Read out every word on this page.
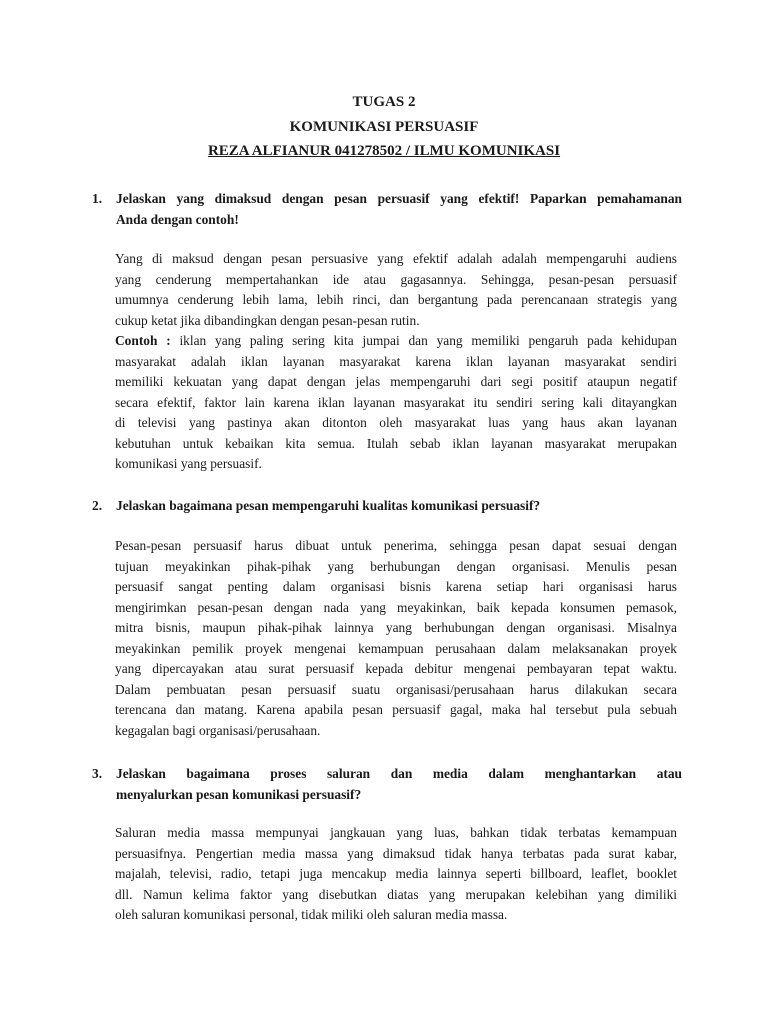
TUGAS 2
KOMUNIKASI PERSUASIF
REZA ALFIANUR 041278502 / ILMU KOMUNIKASI
1. Jelaskan yang dimaksud dengan pesan persuasif yang efektif! Paparkan pemahamanan
Anda dengan contoh!
Yang di maksud dengan pesan persuasive yang efektif adalah adalah mempengaruhi audiens
yang cenderung mempertahankan ide atau gagasannya. Sehingga, pesan-pesan persuasif
umumnya cenderung lebih lama, lebih rinci, dan bergantung pada perencanaan strategis yang
cukup ketat jika dibandingkan dengan pesan-pesan rutin.
Contoh : iklan yang paling sering kita jumpai dan yang memiliki pengaruh pada kehidupan
masyarakat adalah iklan layanan masyarakat karena iklan layanan masyarakat sendiri
memiliki kekuatan yang dapat dengan jelas mempengaruhi dari segi positif ataupun negatif
secara efektif, faktor lain karena iklan layanan masyarakat itu sendiri sering kali ditayangkan
di televisi yang pastinya akan ditonton oleh masyarakat luas yang haus akan layanan
kebutuhan untuk kebaikan kita semua. Itulah sebab iklan layanan masyarakat merupakan
komunikasi yang persuasif.
2. Jelaskan bagaimana pesan mempengaruhi kualitas komunikasi persuasif?
Pesan-pesan persuasif harus dibuat untuk penerima, sehingga pesan dapat sesuai dengan
tujuan meyakinkan pihak-pihak yang berhubungan dengan organisasi. Menulis pesan
persuasif sangat penting dalam organisasi bisnis karena setiap hari organisasi harus
mengirimkan pesan-pesan dengan nada yang meyakinkan, baik kepada konsumen pemasok,
mitra bisnis, maupun pihak-pihak lainnya yang berhubungan dengan organisasi. Misalnya
meyakinkan pemilik proyek mengenai kemampuan perusahaan dalam melaksanakan proyek
yang dipercayakan atau surat persuasif kepada debitur mengenai pembayaran tepat waktu.
Dalam pembuatan pesan persuasif suatu organisasi/perusahaan harus dilakukan secara
terencana dan matang. Karena apabila pesan persuasif gagal, maka hal tersebut pula sebuah
kegagalan bagi organisasi/perusahaan.
3. Jelaskan bagaimana proses saluran dan media dalam menghantarkan atau
menyalurkan pesan komunikasi persuasif?
Saluran media massa mempunyai jangkauan yang luas, bahkan tidak terbatas kemampuan
persuasifnya. Pengertian media massa yang dimaksud tidak hanya terbatas pada surat kabar,
majalah, televisi, radio, tetapi juga mencakup media lainnya seperti billboard, leaflet, booklet
dll. Namun kelima faktor yang disebutkan diatas yang merupakan kelebihan yang dimiliki
oleh saluran komunikasi personal, tidak miliki oleh saluran media massa.
